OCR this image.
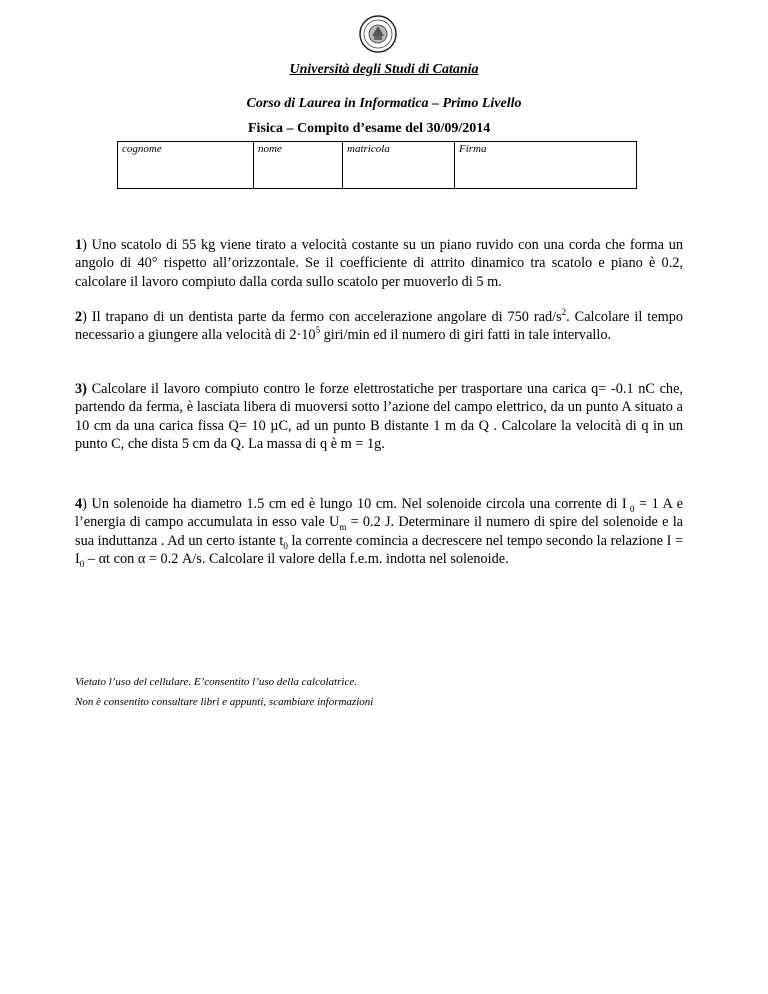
Università degli Studi di Catania
Corso di Laurea in Informatica – Primo Livello
Fisica – Compito d’esame del 30/09/2014
cognome	nome	matricola	Firma
1) Uno scatolo di 55 kg viene tirato a velocità costante su un piano ruvido con una corda che forma un angolo di 40° rispetto all’orizzontale. Se il coefficiente di attrito dinamico tra scatolo e piano è 0.2, calcolare il lavoro compiuto dalla corda sullo scatolo per muoverlo di 5 m.
2) Il trapano di un dentista parte da fermo con accelerazione angolare di 750 rad/$s^2$. Calcolare il tempo necessario a giungere alla velocità di $2\cdot 10^5$ giri/min ed il numero di giri fatti in tale intervallo.
3) Calcolare il lavoro compiuto contro le forze elettrostatiche per trasportare una carica q= -0.1 nC che, partendo da ferma, è lasciata libera di muoversi sotto l’azione del campo elettrico, da un punto A situato a 10 cm da una carica fissa Q= 10 µC, ad un punto B distante 1 m da Q . Calcolare la velocità di q in un punto C, che dista 5 cm da Q. La massa di q è m = 1g.
4) Un solenoide ha diametro 1.5 cm ed è lungo 10 cm. Nel solenoide circola una corrente di I $_0$ = 1 A e l’energia di campo accumulata in esso vale $U_m = 0.2$ J. Determinare il numero di spire del solenoide e la sua induttanza . Ad un certo istante $t_0$ la corrente comincia a decrescere nel tempo secondo la relazione $I = I_0 - \alpha t$ con α = 0.2 A/s. Calcolare il valore della f.e.m. indotta nel solenoide.
Vietato l’uso del cellulare. E’consentito l’uso della calcolatrice.
Non è consentito consultare libri e appunti, scambiare informazioni
